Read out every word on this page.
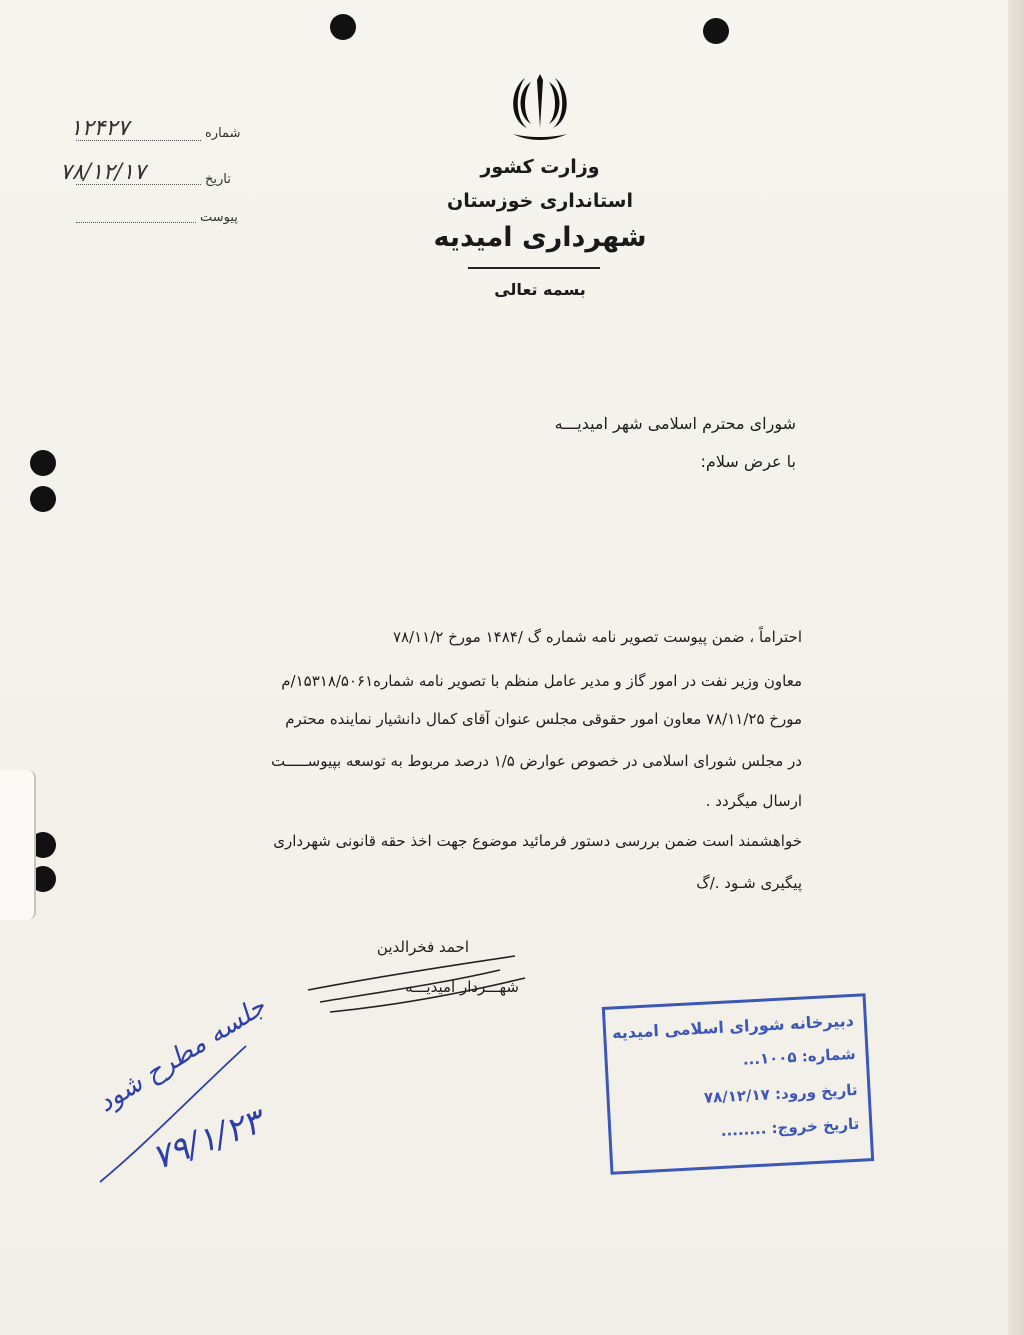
شماره
۱۲۴۲۷
تاریخ
۷۸/۱۲/۱۷
پیوست
وزارت کشور
استانداری خوزستان
شهرداری امیدیه
بسمه تعالی
شورای محترم اسلامی شهر امیدیـــه
با عرض سلام:
احتراماً ، ضمن پیوست تصویر نامه شماره گ /۱۴۸۴ مورخ ۷۸/۱۱/۲
معاون وزیر نفت در امور گاز و مدیر عامل منظم با تصویر نامه شماره۱۵۳۱۸/۵۰۶۱/م
مورخ ۷۸/۱۱/۲۵ معاون امور حقوقی مجلس عنوان آقای کمال دانشیار نماینده محترم
در مجلس شورای اسلامی در خصوص عوارض ۱/۵ درصد مربوط به توسعه بپیوســـــت
ارسال میگردد .
خواهشمند است ضمن بررسی دستور فرمائید موضوع جهت اخذ حقه قانونی شهرداری
پیگیری شـود ./گ
احمد فخرالدین
شهـــردار امیدیـــه
دبیرخانه شورای اسلامی امیدیه
شماره: ۱۰۰۵...
تاریخ ورود: ۷۸/۱۲/۱۷
تاریخ خروج: ........
جلسه مطرح شود
۷۹/۱/۲۳
